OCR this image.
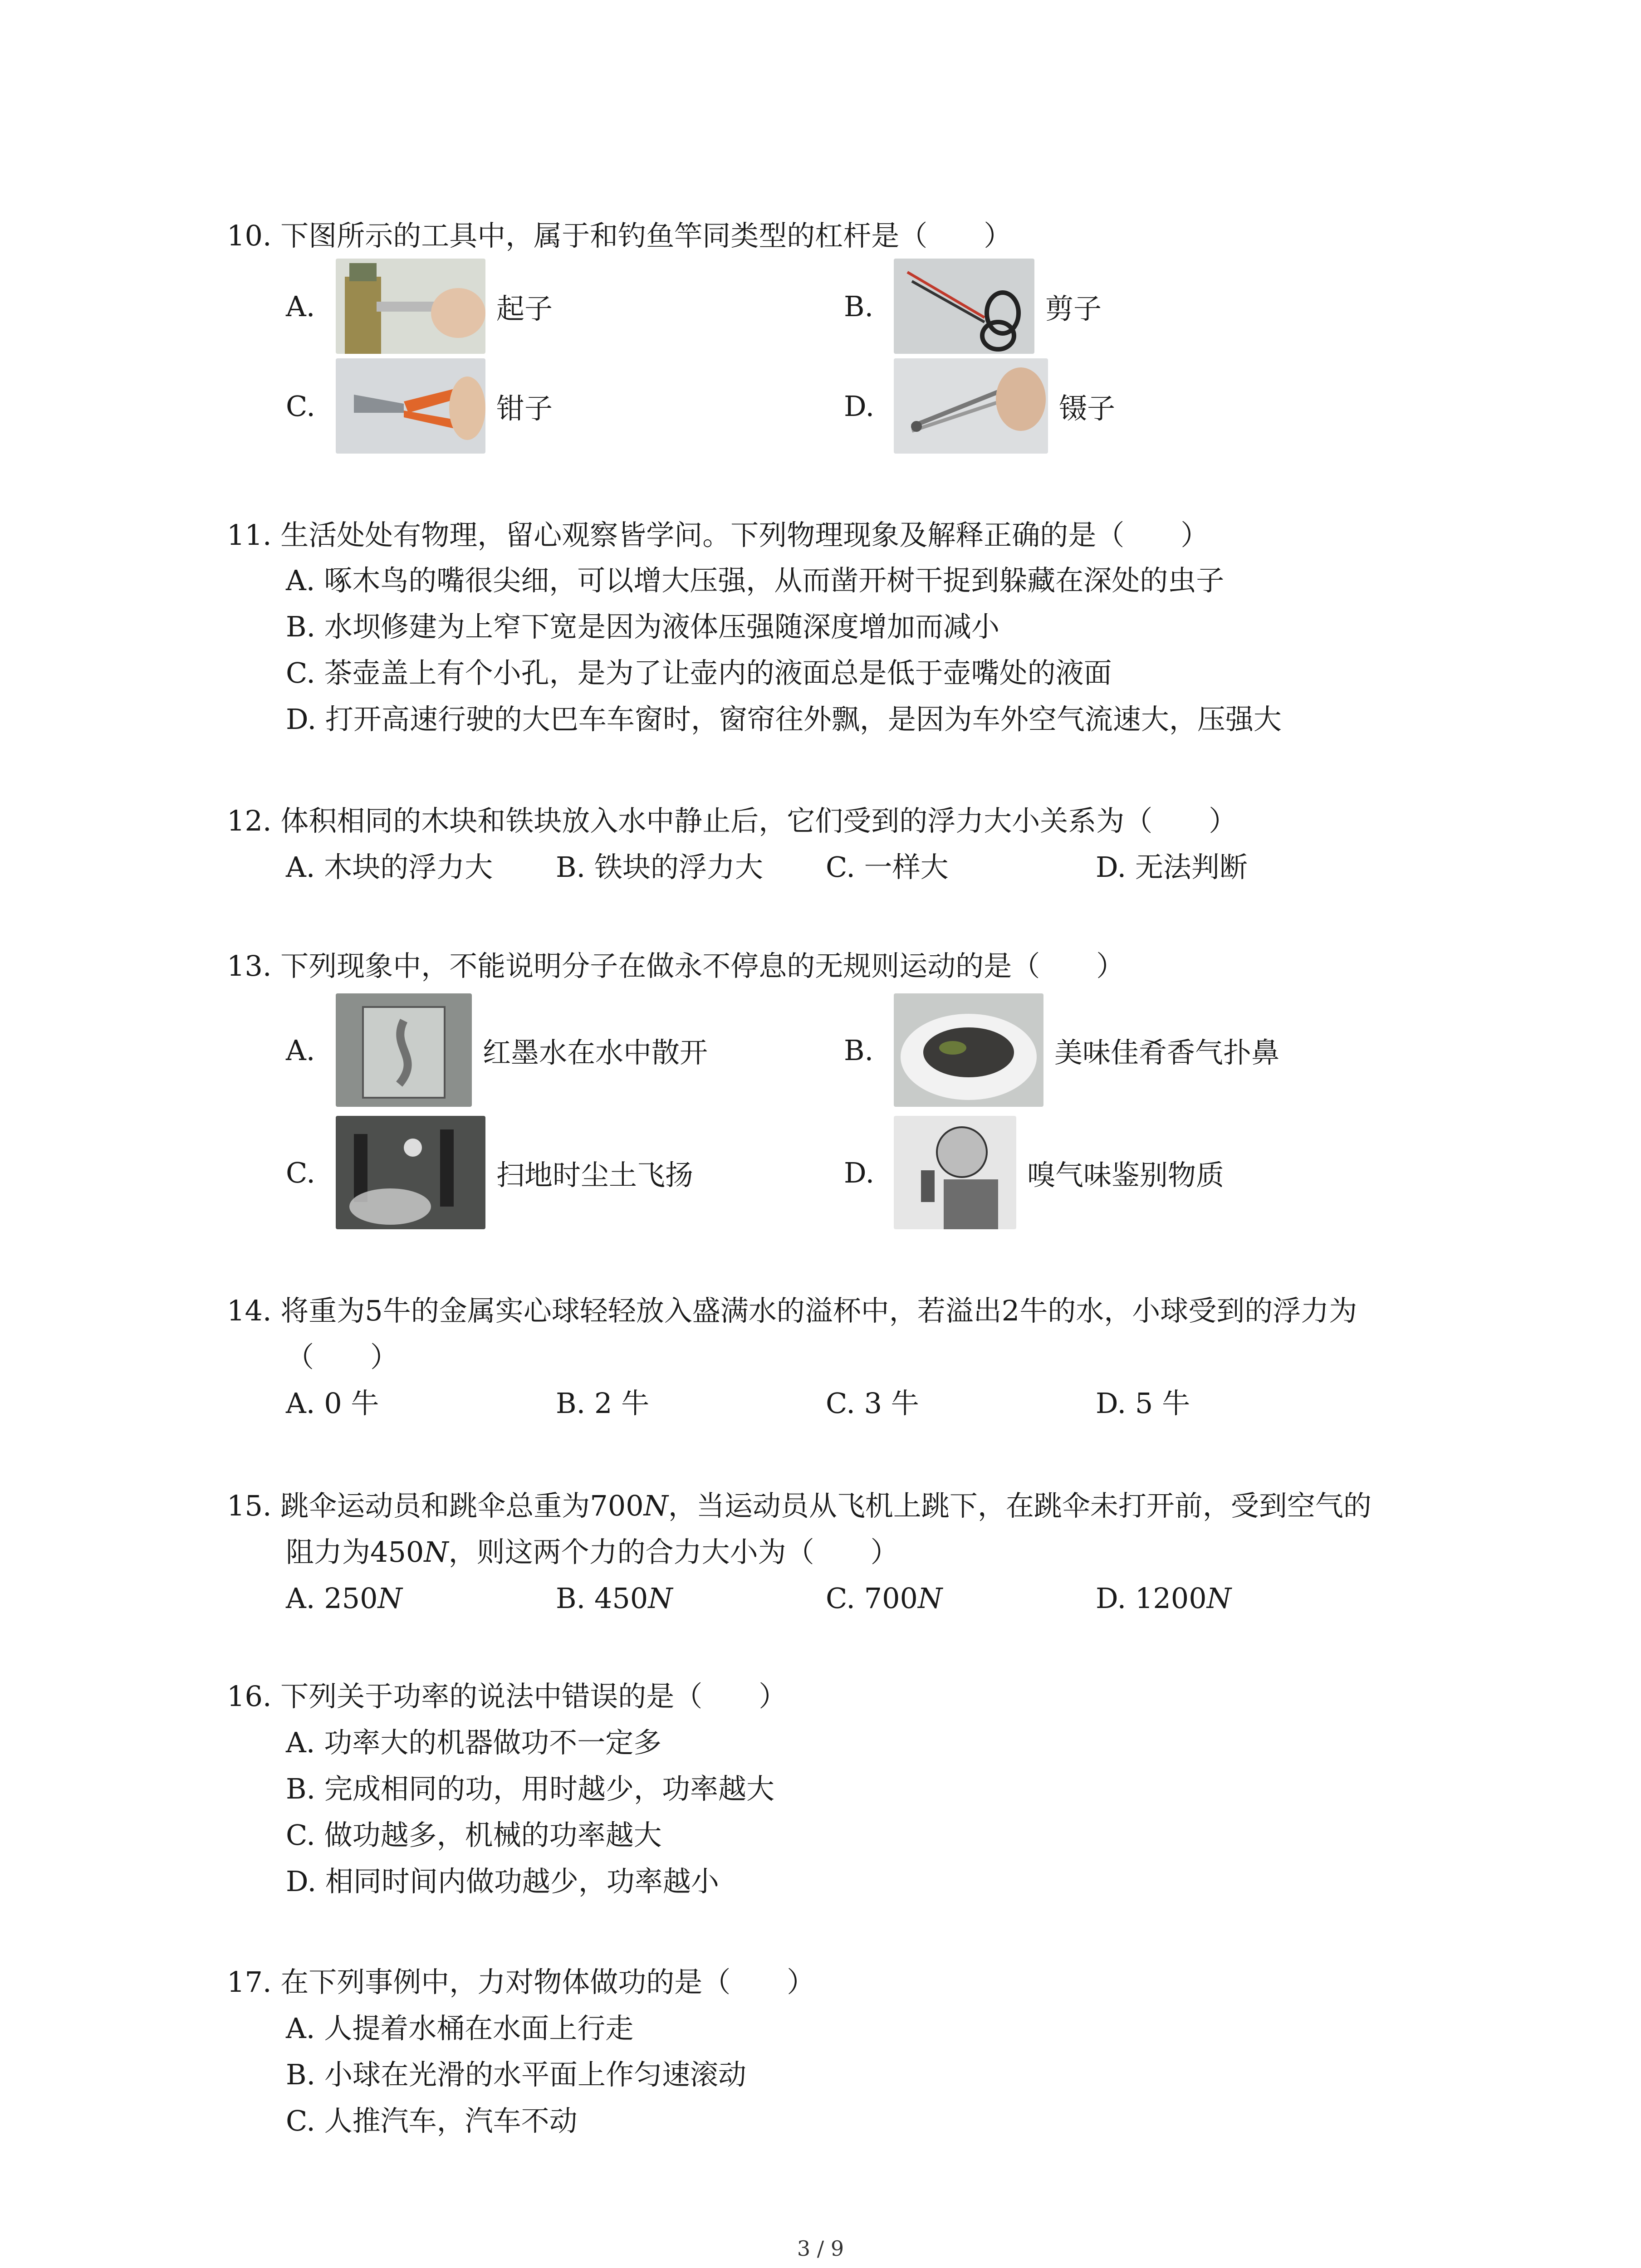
10. 下图所示的工具中，属于和钓鱼竿同类型的杠杆是（　　）
A.	起子	B.	剪子
C.	钳子	D.	镊子
11. 生活处处有物理，留心观察皆学问。下列物理现象及解释正确的是（　　）
A. 啄木鸟的嘴很尖细，可以增大压强，从而凿开树干捉到躲藏在深处的虫子
B. 水坝修建为上窄下宽是因为液体压强随深度增加而减小
C. 茶壶盖上有个小孔，是为了让壶内的液面总是低于壶嘴处的液面
D. 打开高速行驶的大巴车车窗时，窗帘往外飘，是因为车外空气流速大，压强大
12. 体积相同的木块和铁块放入水中静止后，它们受到的浮力大小关系为（　　）
A. 木块的浮力大 B. 铁块的浮力大 C. 一样大	D. 无法判断
13. 下列现象中，不能说明分子在做永不停息的无规则运动的是（　　）
A.	红墨水在水中散开	B.	美味佳肴香气扑鼻
C.	扫地时尘土飞扬	D.	嗅气味鉴别物质
14. 将重为5牛的金属实心球轻轻放入盛满水的溢杯中，若溢出2牛的水，小球受到的浮力为
（　　）
A. 0 牛	B. 2 牛	C. 3 牛	D. 5 牛
15. 跳伞运动员和跳伞总重为700N，当运动员从飞机上跳下，在跳伞未打开前，受到空气的
阻力为450N，则这两个力的合力大小为（　　）
A. 250N	B. 450N	C. 700N	D. 1200N
16. 下列关于功率的说法中错误的是（　　）
A. 功率大的机器做功不一定多
B. 完成相同的功，用时越少，功率越大
C. 做功越多，机械的功率越大
D. 相同时间内做功越少，功率越小
17. 在下列事例中，力对物体做功的是（　　）
A. 人提着水桶在水面上行走
B. 小球在光滑的水平面上作匀速滚动
C. 人推汽车，汽车不动
3 / 9
